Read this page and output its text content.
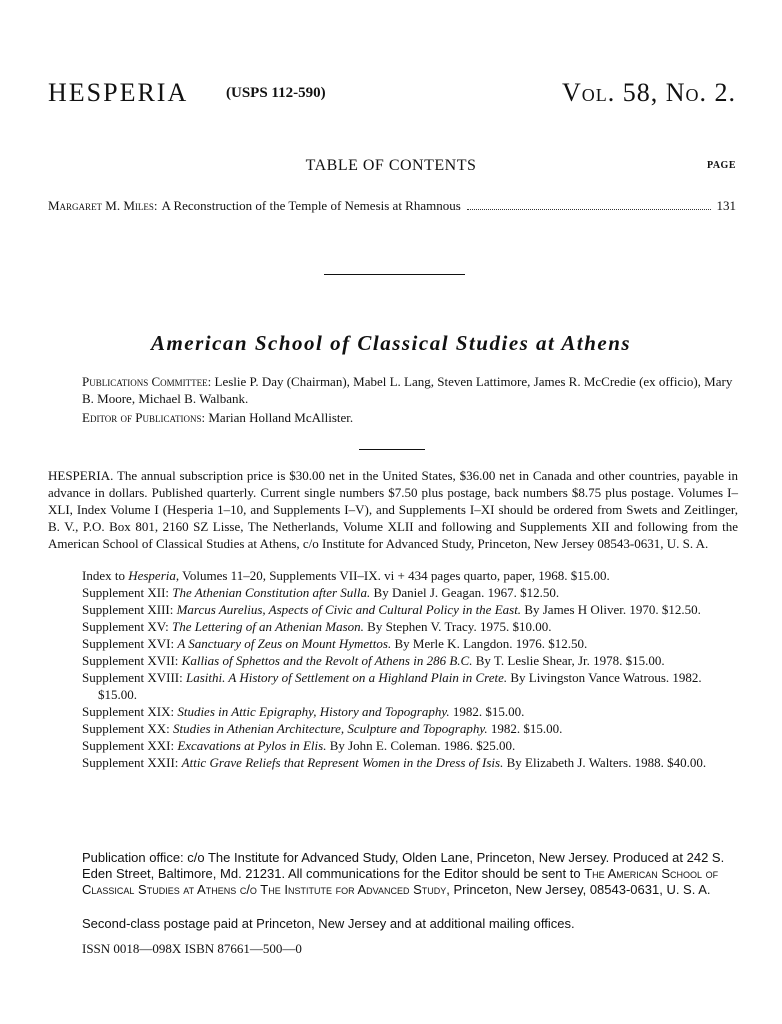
HESPERIA	(USPS 112-590)	Vol. 58, No. 2.
TABLE OF CONTENTS	PAGE
Margaret M. Miles: A Reconstruction of the Temple of Nemesis at Rhamnous	131
American School of Classical Studies at Athens
Publications Committee: Leslie P. Day (Chairman), Mabel L. Lang, Steven Lattimore, James R. McCredie (ex officio), Mary B. Moore, Michael B. Walbank.
Editor of Publications: Marian Holland McAllister.
HESPERIA. The annual subscription price is $30.00 net in the United States, $36.00 net in Canada and other countries, payable in advance in dollars. Published quarterly. Current single numbers $7.50 plus postage, back numbers $8.75 plus postage. Volumes I–XLI, Index Volume I (Hesperia 1–10, and Supplements I–V), and Supplements I–XI should be ordered from Swets and Zeitlinger, B. V., P.O. Box 801, 2160 SZ Lisse, The Netherlands, Volume XLII and following and Supplements XII and following from the American School of Classical Studies at Athens, c/o Institute for Advanced Study, Princeton, New Jersey 08543-0631, U. S. A.
Index to Hesperia, Volumes 11–20, Supplements VII–IX. vi + 434 pages quarto, paper, 1968. $15.00.
Supplement XII: The Athenian Constitution after Sulla. By Daniel J. Geagan. 1967. $12.50.
Supplement XIII: Marcus Aurelius, Aspects of Civic and Cultural Policy in the East. By James H Oliver. 1970. $12.50.
Supplement XV: The Lettering of an Athenian Mason. By Stephen V. Tracy. 1975. $10.00.
Supplement XVI: A Sanctuary of Zeus on Mount Hymettos. By Merle K. Langdon. 1976. $12.50.
Supplement XVII: Kallias of Sphettos and the Revolt of Athens in 286 B.C. By T. Leslie Shear, Jr. 1978. $15.00.
Supplement XVIII: Lasithi. A History of Settlement on a Highland Plain in Crete. By Livingston Vance Watrous. 1982. $15.00.
Supplement XIX: Studies in Attic Epigraphy, History and Topography. 1982. $15.00.
Supplement XX: Studies in Athenian Architecture, Sculpture and Topography. 1982. $15.00.
Supplement XXI: Excavations at Pylos in Elis. By John E. Coleman. 1986. $25.00.
Supplement XXII: Attic Grave Reliefs that Represent Women in the Dress of Isis. By Elizabeth J. Walters. 1988. $40.00.
Publication office: c/o The Institute for Advanced Study, Olden Lane, Princeton, New Jersey. Produced at 242 S. Eden Street, Baltimore, Md. 21231. All communications for the Editor should be sent to The American School of Classical Studies at Athens c/o The Institute for Advanced Study, Princeton, New Jersey, 08543-0631, U. S. A.
Second-class postage paid at Princeton, New Jersey and at additional mailing offices.
ISSN 0018—098X ISBN 87661—500—0
